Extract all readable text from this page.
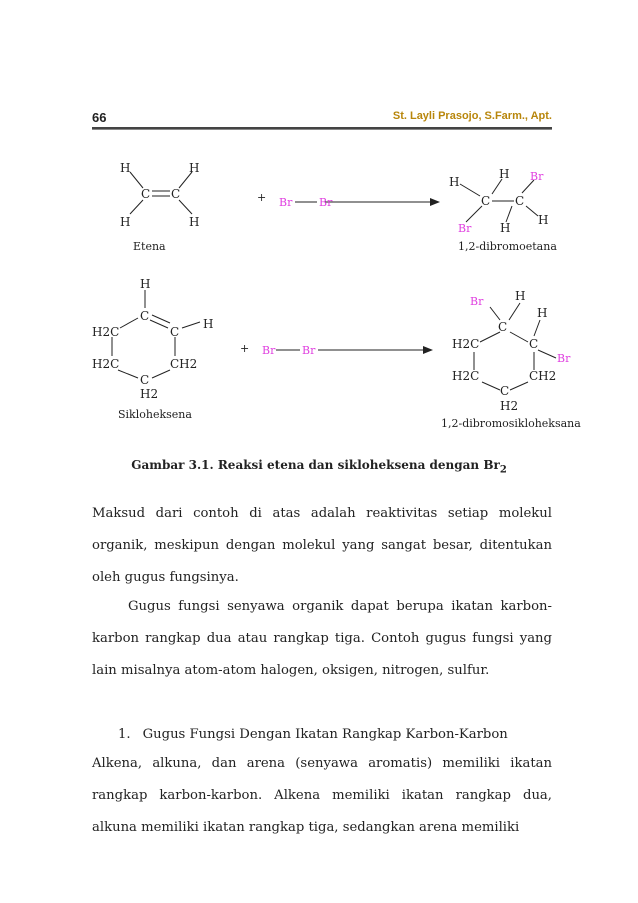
66	St. Layli Prasojo, S.Farm., Apt.
H	H
C C
H	H
Etena
+ Br Br
H
H Br
C C
Br H
H
1,2-dibromoetana
H
C
H2C	C
H
H2C	CH2
C
H2
Sikloheksena
+ Br Br
Br	H
H
C
H2C	C
Br
H2C	CH2
C
H2
1,2-dibromosikloheksana
Gambar 3.1. Reaksi etena dan sikloheksena dengan $Br_2$

Maksud dari contoh di atas adalah reaktivitas setiap molekul organik, meskipun dengan molekul yang sangat besar, ditentukan oleh gugus fungsinya.

Gugus fungsi senyawa organik dapat berupa ikatan karbon-karbon rangkap dua atau rangkap tiga. Contoh gugus fungsi yang lain misalnya atom-atom halogen, oksigen, nitrogen, sulfur.

1. Gugus Fungsi Dengan Ikatan Rangkap Karbon-Karbon

Alkena, alkuna, dan arena (senyawa aromatis) memiliki ikatan rangkap karbon-karbon. Alkena memiliki ikatan rangkap dua, alkuna memiliki ikatan rangkap tiga, sedangkan arena memiliki
